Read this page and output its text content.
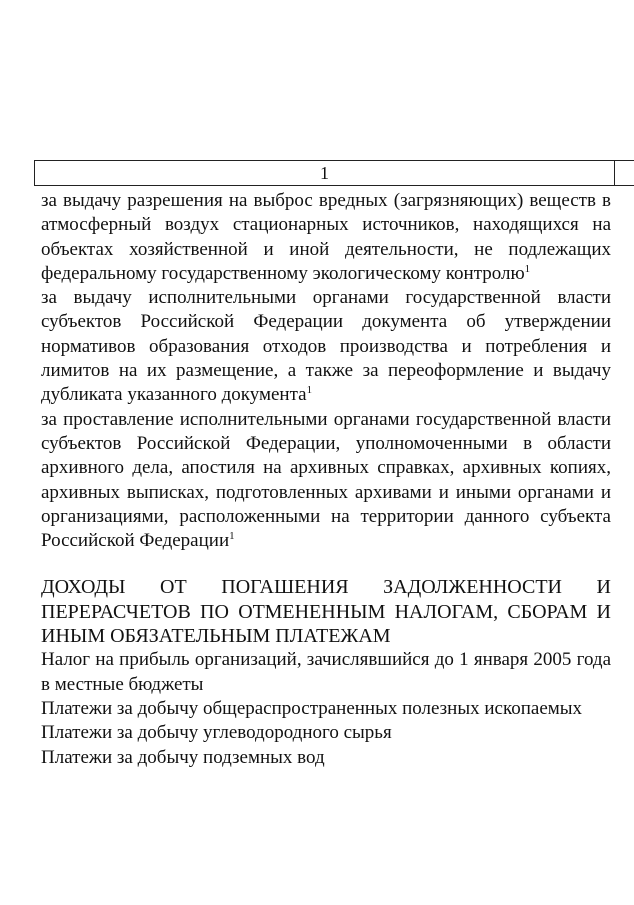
1

за выдачу разрешения на выброс вредных (загрязняющих) веществ в атмосферный воздух стационарных источников, находящихся на объектах хозяйственной и иной деятельности, не подлежащих федеральному государственному экологическому контролю$^1$

за выдачу исполнительными органами государственной власти субъектов Российской Федерации документа об утверждении нормативов образования отходов производства и потребления и лимитов на их размещение, а также за переоформление и выдачу дубликата указанного документа$^1$

за проставление исполнительными органами государственной власти субъектов Российской Федерации, уполномоченными в области архивного дела, апостиля на архивных справках, архивных копиях, архивных выписках, подготовленных архивами и иными органами и организациями, расположенными на территории данного субъекта Российской Федерации$^1$

ДОХОДЫ ОТ ПОГАШЕНИЯ ЗАДОЛЖЕННОСТИ И ПЕРЕРАСЧЕТОВ ПО ОТМЕНЕННЫМ НАЛОГАМ, СБОРАМ И ИНЫМ ОБЯЗАТЕЛЬНЫМ ПЛАТЕЖАМ

Налог на прибыль организаций, зачислявшийся до 1 января 2005 года в местные бюджеты

Платежи за добычу общераспространенных полезных ископаемых

Платежи за добычу углеводородного сырья

Платежи за добычу подземных вод
